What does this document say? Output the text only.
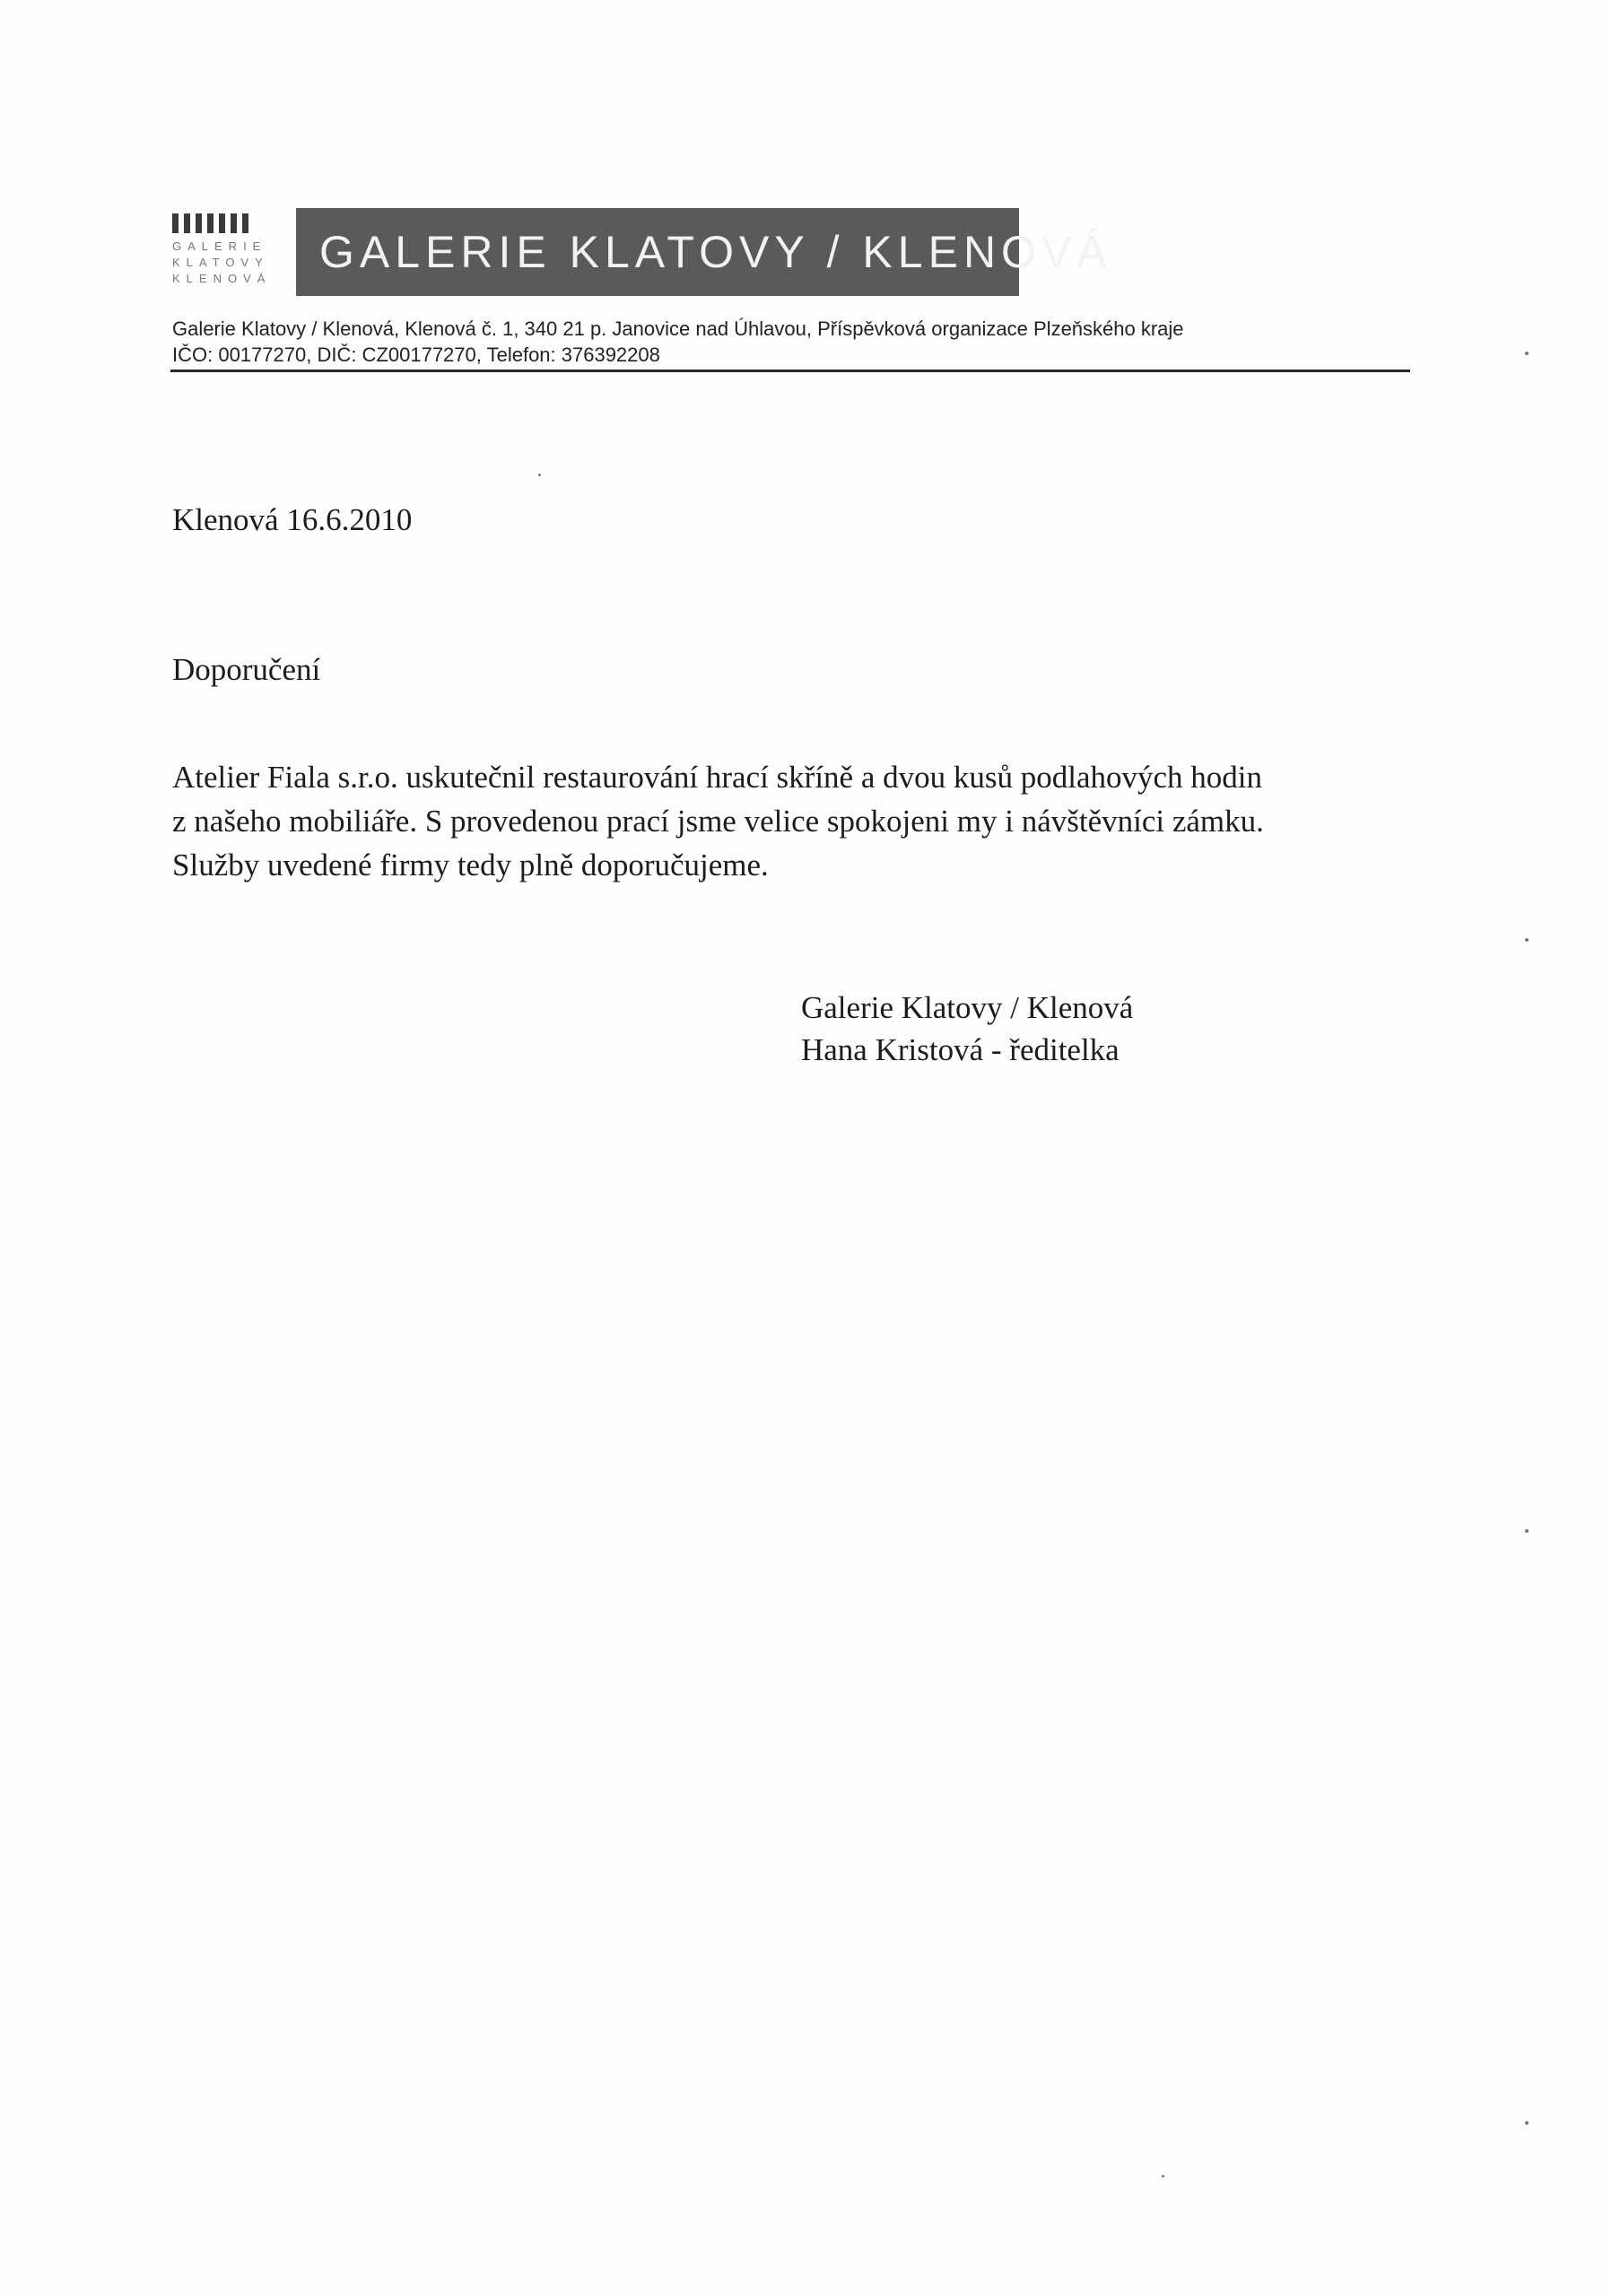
GALERIE
KLATOVY
KLENOVÁ
GALERIE KLATOVY / KLENOVÁ
Galerie Klatovy / Klenová, Klenová č. 1, 340 21 p. Janovice nad Úhlavou, Příspěvková organizace Plzeňského kraje
IČO: 00177270, DIČ: CZ00177270, Telefon: 376392208
Klenová 16.6.2010
Doporučení
Atelier Fiala s.r.o. uskutečnil restaurování hrací skříně a dvou kusů podlahových hodin
z našeho mobiliáře. S provedenou prací jsme velice spokojeni my i návštěvníci zámku.
Služby uvedené firmy tedy plně doporučujeme.
Galerie Klatovy / Klenová
Hana Kristová - ředitelka
